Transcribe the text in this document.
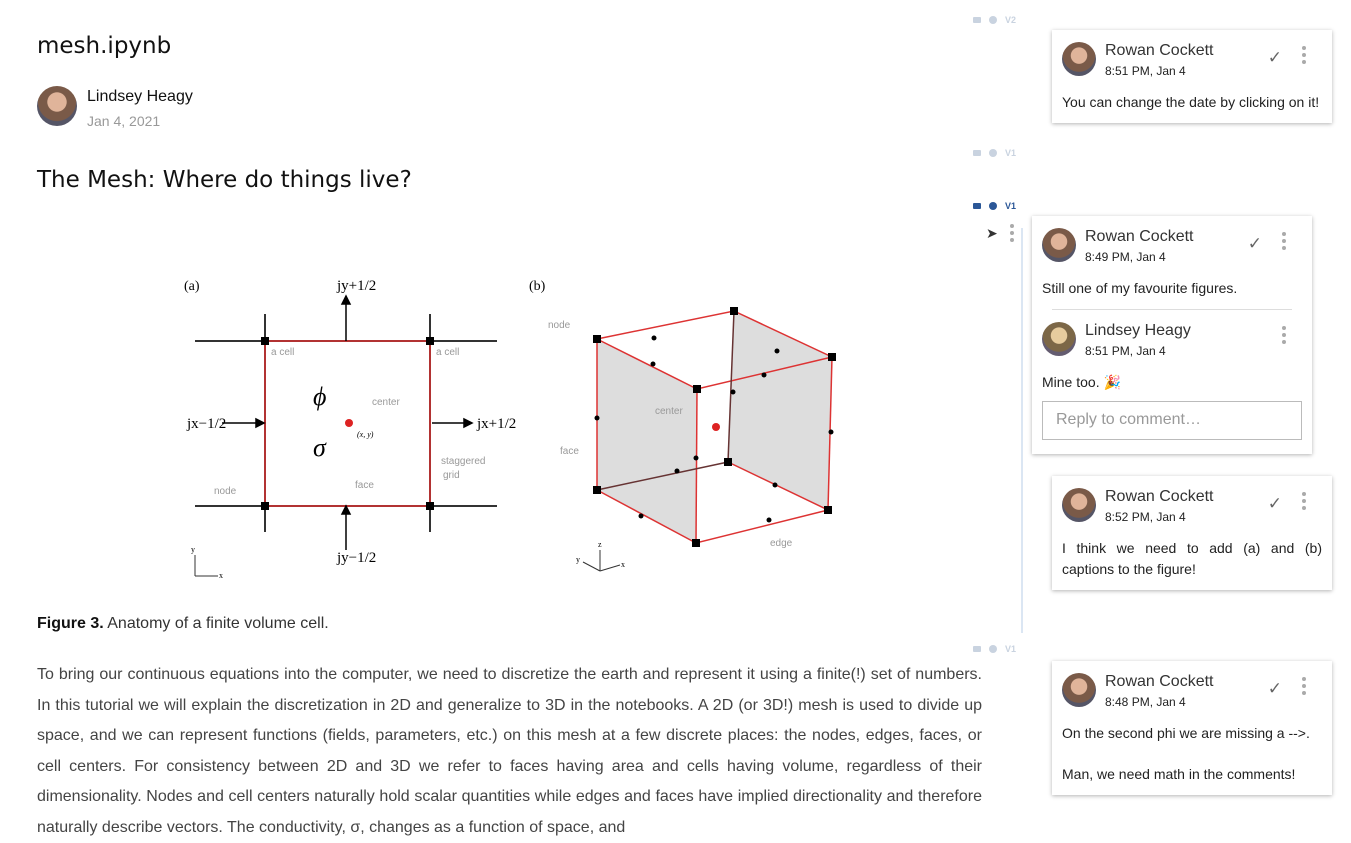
mesh.ipynb
Lindsey Heagy
Jan 4, 2021
The Mesh: Where do things live?
(a)	jy+1/2
jy−1/2
jx−1/2	jx+1/2
a cell	a cell
center
node
face
staggered
grid
(x, y)
ϕ
σ
y
x
(b)
node
center
face
edge
z
x
y
Figure 3. Anatomy of a finite volume cell.
To bring our continuous equations into the computer, we need to discretize the earth and represent it using a finite(!) set of numbers. In this tutorial we will explain the discretization in 2D and generalize to 3D in the notebooks. A 2D (or 3D!) mesh is used to divide up space, and we can represent functions (fields, parameters, etc.) on this mesh at a few discrete places: the nodes, edges, faces, or cell centers. For consistency between 2D and 3D we refer to faces having area and cells having volume, regardless of their dimensionality. Nodes and cell centers naturally hold scalar quantities while edges and faces have implied directionality and therefore naturally describe vectors. The conductivity, σ, changes as a function of space, and
V2
V1
V1
V1
➤
Rowan Cockett
8:51 PM, Jan 4
✓
You can change the date by clicking on it!
Rowan Cockett
8:49 PM, Jan 4
✓
Still one of my favourite figures.
Lindsey Heagy
8:51 PM, Jan 4
Mine too. 🎉
Reply to comment…
Rowan Cockett
8:52 PM, Jan 4
✓
I think we need to add (a) and (b) captions to the figure!
Rowan Cockett
8:48 PM, Jan 4
✓
On the second phi we are missing a -->.
Man, we need math in the comments!
